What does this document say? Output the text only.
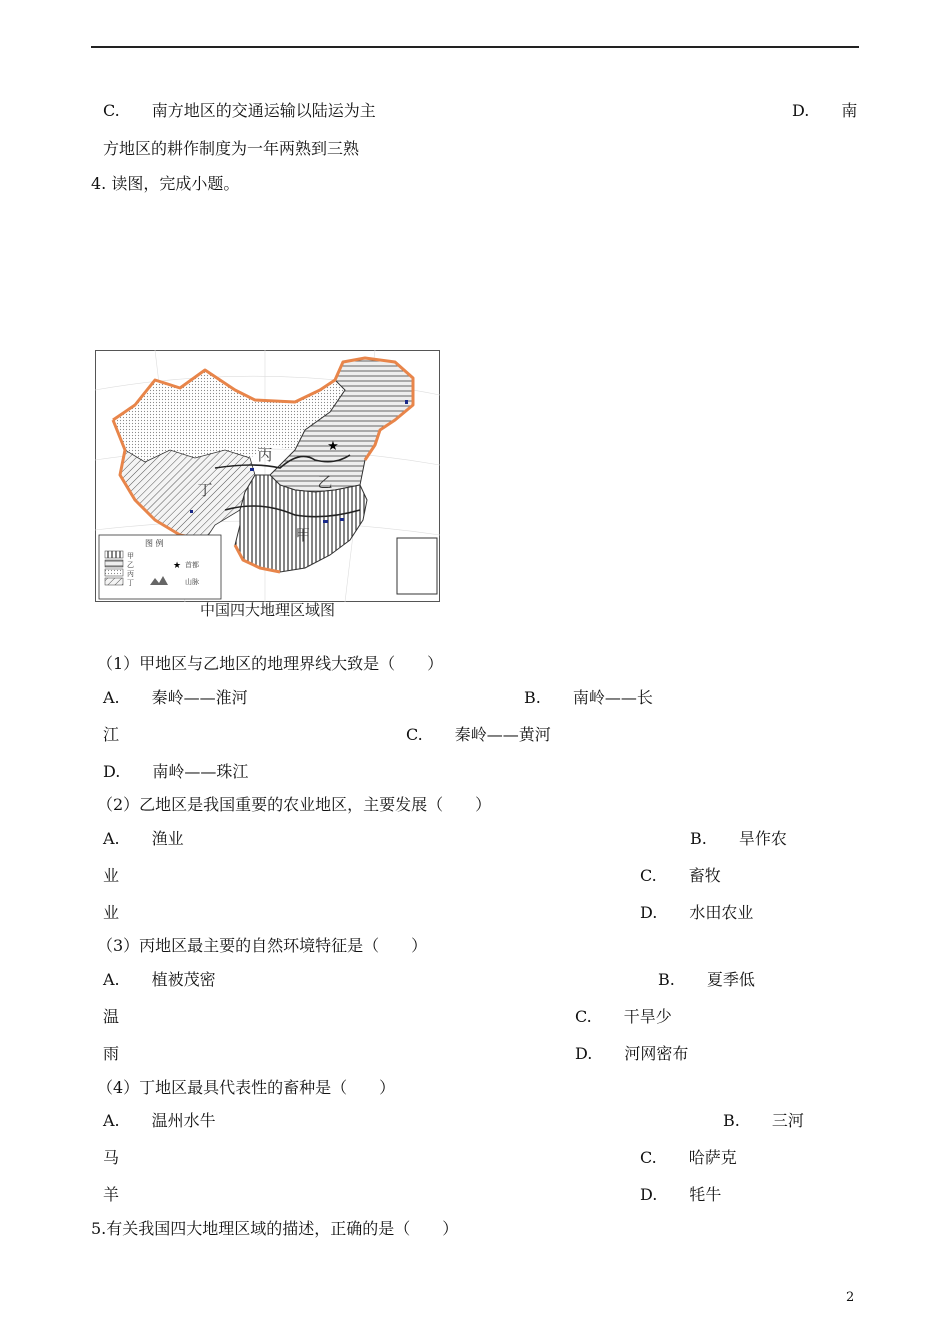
C.　　南方地区的交通运输以陆运为主	D.　　南
方地区的耕作制度为一年两熟到三熟
4. 读图，完成小题。
★
丙
乙
丁
甲
图 例
甲
乙
丙
丁
★ 首都
山脉
中国四大地理区域图
（1）甲地区与乙地区的地理界线大致是（　　）
A.　　秦岭——淮河	B.　　南岭——长
江	C.　　秦岭——黄河
D.　　南岭——珠江
（2）乙地区是我国重要的农业地区，主要发展（　　）
A.　　渔业	B.　　旱作农
业	C.　　畜牧
业	D.　　水田农业
（3）丙地区最主要的自然环境特征是（　　）
A.　　植被茂密	B.　　夏季低
温	C.　　干旱少
雨	D.　　河网密布
（4）丁地区最具代表性的畜种是（　　）
A.　　温州水牛	B.　　三河
马	C.　　哈萨克
羊	D.　　牦牛
5.有关我国四大地理区域的描述，正确的是（　　）
2
